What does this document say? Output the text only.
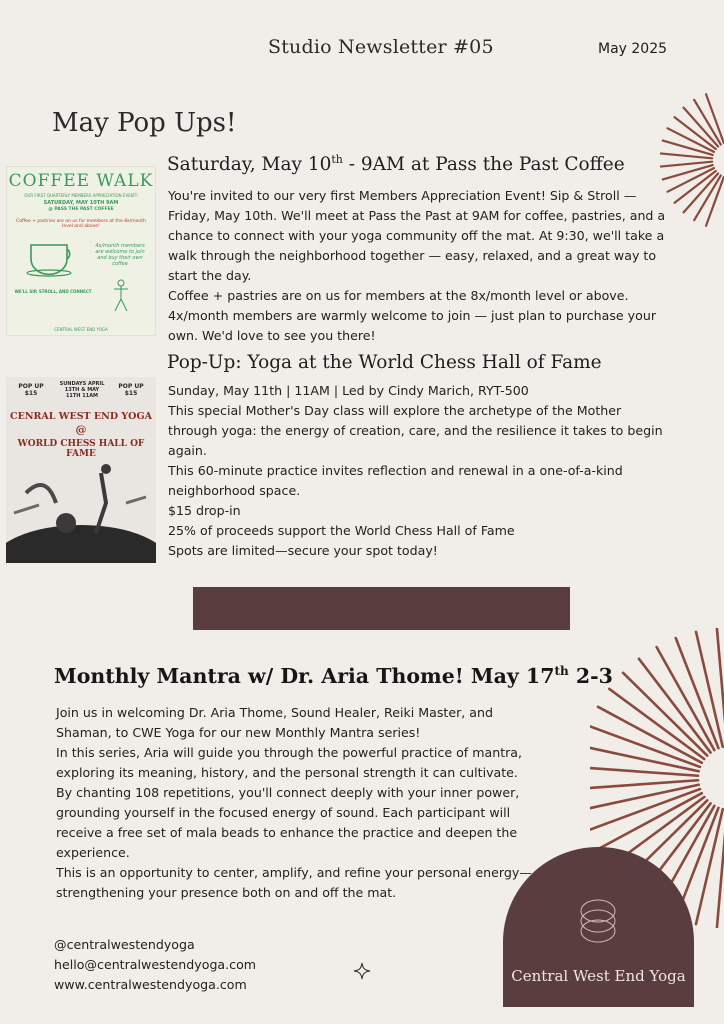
Studio Newsletter #05	May 2025
May Pop Ups!
COFFEE WALK
OUR FIRST QUARTERLY MEMBERS APPRECIATION EVENT!
SATURDAY, MAY 10TH 9AM
@ PASS THE PAST COFFEE
Coffee + pastries are on us for members at the 8x/month level and above!
4x/month members are welcome to join and buy their own coffee
WE'LL SIP, STROLL, AND CONNECT
CENTRAL WEST END YOGA
Saturday, May 10th - 9AM at Pass the Past Coffee

You're invited to our very first Members Appreciation Event! Sip & Stroll — Friday, May 10th. We'll meet at Pass the Past at 9AM for coffee, pastries, and a chance to connect with your yoga community off the mat. At 9:30, we'll take a walk through the neighborhood together — easy, relaxed, and a great way to start the day.

Coffee + pastries are on us for members at the 8x/month level or above. 4x/month members are warmly welcome to join — just plan to purchase your own. We'd love to see you there!

Pop-Up: Yoga at the World Chess Hall of Fame
POP UP $15
SUNDAYS APRIL 13TH & MAY 11TH 11AM
POP UP $15
CENRAL WEST END YOGA
@
WORLD CHESS HALL OF FAME

Sunday, May 11th | 11AM | Led by Cindy Marich, RYT-500

This special Mother's Day class will explore the archetype of the Mother through yoga: the energy of creation, care, and the resilience it takes to begin again.

This 60-minute practice invites reflection and renewal in a one-of-a-kind neighborhood space.

$15 drop-in

25% of proceeds support the World Chess Hall of Fame

Spots are limited—secure your spot today!

Monthly Mantra w/ Dr. Aria Thome! May 17th 2-3

Join us in welcoming Dr. Aria Thome, Sound Healer, Reiki Master, and Shaman, to CWE Yoga for our new Monthly Mantra series!

In this series, Aria will guide you through the powerful practice of mantra, exploring its meaning, history, and the personal strength it can cultivate. By chanting 108 repetitions, you'll connect deeply with your inner power, grounding yourself in the focused energy of sound. Each participant will receive a free set of mala beads to enhance the practice and deepen the experience.

This is an opportunity to center, amplify, and refine your personal energy—strengthening your presence both on and off the mat.

@centralwestendyoga
hello@centralwestendyoga.com
www.centralwestendyoga.com	Central West End Yoga
